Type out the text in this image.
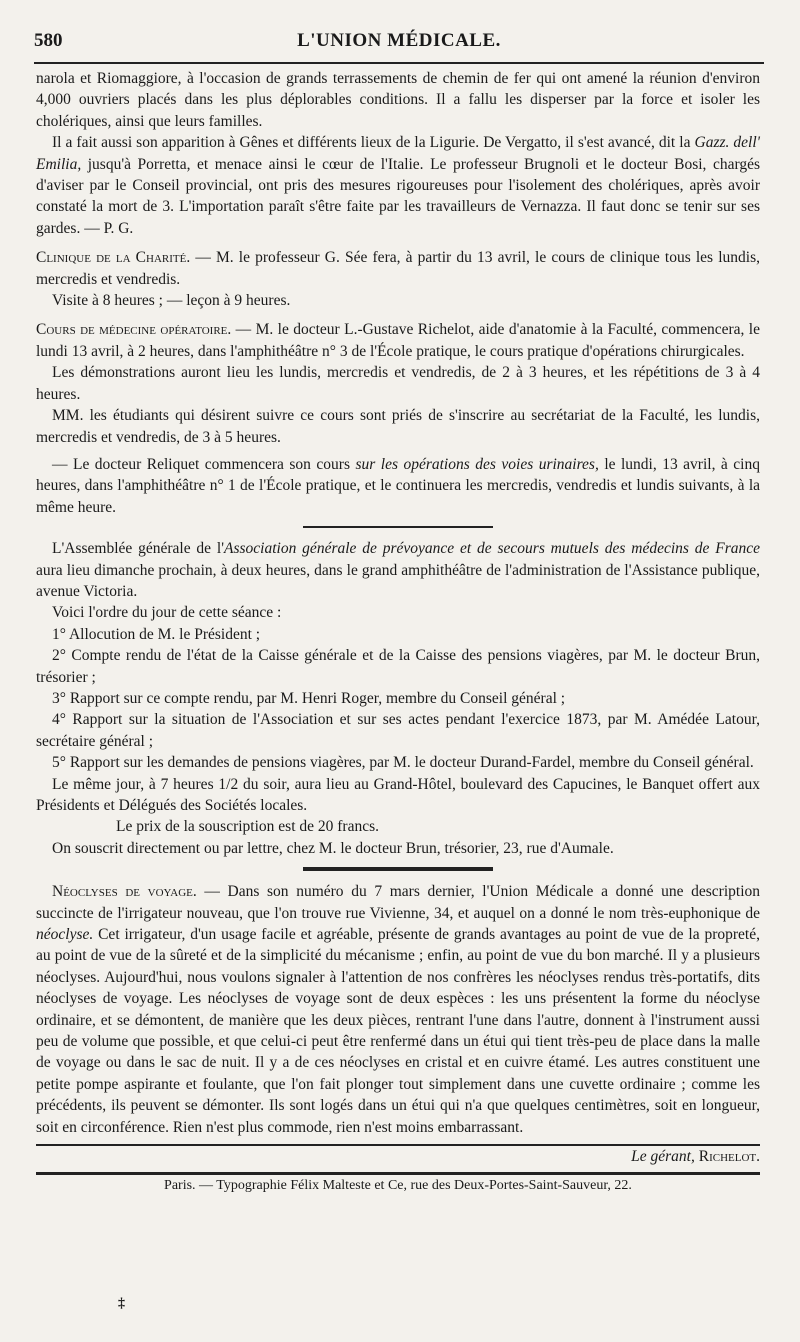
580	L'UNION MÉDICALE.

narola et Riomaggiore, à l'occasion de grands terrassements de chemin de fer qui ont amené la réunion d'environ 4,000 ouvriers placés dans les plus déplorables conditions. Il a fallu les disperser par la force et isoler les cholériques, ainsi que leurs familles.

Il a fait aussi son apparition à Gênes et différents lieux de la Ligurie. De Vergatto, il s'est avancé, dit la Gazz. dell' Emilia, jusqu'à Porretta, et menace ainsi le cœur de l'Italie. Le professeur Brugnoli et le docteur Bosi, chargés d'aviser par le Conseil provincial, ont pris des mesures rigoureuses pour l'isolement des cholériques, après avoir constaté la mort de 3. L'importation paraît s'être faite par les travailleurs de Vernazza. Il faut donc se tenir sur ses gardes. — P. G.

Clinique de la Charité. — M. le professeur G. Sée fera, à partir du 13 avril, le cours de clinique tous les lundis, mercredis et vendredis.

Visite à 8 heures ; — leçon à 9 heures.

Cours de médecine opératoire. — M. le docteur L.-Gustave Richelot, aide d'anatomie à la Faculté, commencera, le lundi 13 avril, à 2 heures, dans l'amphithéâtre n° 3 de l'École pratique, le cours pratique d'opérations chirurgicales.

Les démonstrations auront lieu les lundis, mercredis et vendredis, de 2 à 3 heures, et les répétitions de 3 à 4 heures.

MM. les étudiants qui désirent suivre ce cours sont priés de s'inscrire au secrétariat de la Faculté, les lundis, mercredis et vendredis, de 3 à 5 heures.

— Le docteur Reliquet commencera son cours sur les opérations des voies urinaires, le lundi, 13 avril, à cinq heures, dans l'amphithéâtre n° 1 de l'École pratique, et le continuera les mercredis, vendredis et lundis suivants, à la même heure.

L'Assemblée générale de l'Association générale de prévoyance et de secours mutuels des médecins de France aura lieu dimanche prochain, à deux heures, dans le grand amphithéâtre de l'administration de l'Assistance publique, avenue Victoria.

Voici l'ordre du jour de cette séance :

1° Allocution de M. le Président ;

2° Compte rendu de l'état de la Caisse générale et de la Caisse des pensions viagères, par M. le docteur Brun, trésorier ;

3° Rapport sur ce compte rendu, par M. Henri Roger, membre du Conseil général ;

4° Rapport sur la situation de l'Association et sur ses actes pendant l'exercice 1873, par M. Amédée Latour, secrétaire général ;

5° Rapport sur les demandes de pensions viagères, par M. le docteur Durand-Fardel, membre du Conseil général.

Le même jour, à 7 heures 1/2 du soir, aura lieu au Grand-Hôtel, boulevard des Capucines, le Banquet offert aux Présidents et Délégués des Sociétés locales.

Le prix de la souscription est de 20 francs.

On souscrit directement ou par lettre, chez M. le docteur Brun, trésorier, 23, rue d'Aumale.

Néoclyses de voyage. — Dans son numéro du 7 mars dernier, l'Union Médicale a donné une description succincte de l'irrigateur nouveau, que l'on trouve rue Vivienne, 34, et auquel on a donné le nom très-euphonique de néoclyse. Cet irrigateur, d'un usage facile et agréable, présente de grands avantages au point de vue de la propreté, au point de vue de la sûreté et de la simplicité du mécanisme ; enfin, au point de vue du bon marché. Il y a plusieurs néoclyses. Aujourd'hui, nous voulons signaler à l'attention de nos confrères les néoclyses rendus très-portatifs, dits néoclyses de voyage. Les néoclyses de voyage sont de deux espèces : les uns présentent la forme du néoclyse ordinaire, et se démontent, de manière que les deux pièces, rentrant l'une dans l'autre, donnent à l'instrument aussi peu de volume que possible, et que celui-ci peut être renfermé dans un étui qui tient très-peu de place dans la malle de voyage ou dans le sac de nuit. Il y a de ces néoclyses en cristal et en cuivre étamé. Les autres constituent une petite pompe aspirante et foulante, que l'on fait plonger tout simplement dans une cuvette ordinaire ; comme les précédents, ils peuvent se démonter. Ils sont logés dans un étui qui n'a que quelques centimètres, soit en longueur, soit en circonférence. Rien n'est plus commode, rien n'est moins embarrassant.

Le gérant, Richelot.

Paris. — Typographie Félix Malteste et Ce, rue des Deux-Portes-Saint-Sauveur, 22.

‡
